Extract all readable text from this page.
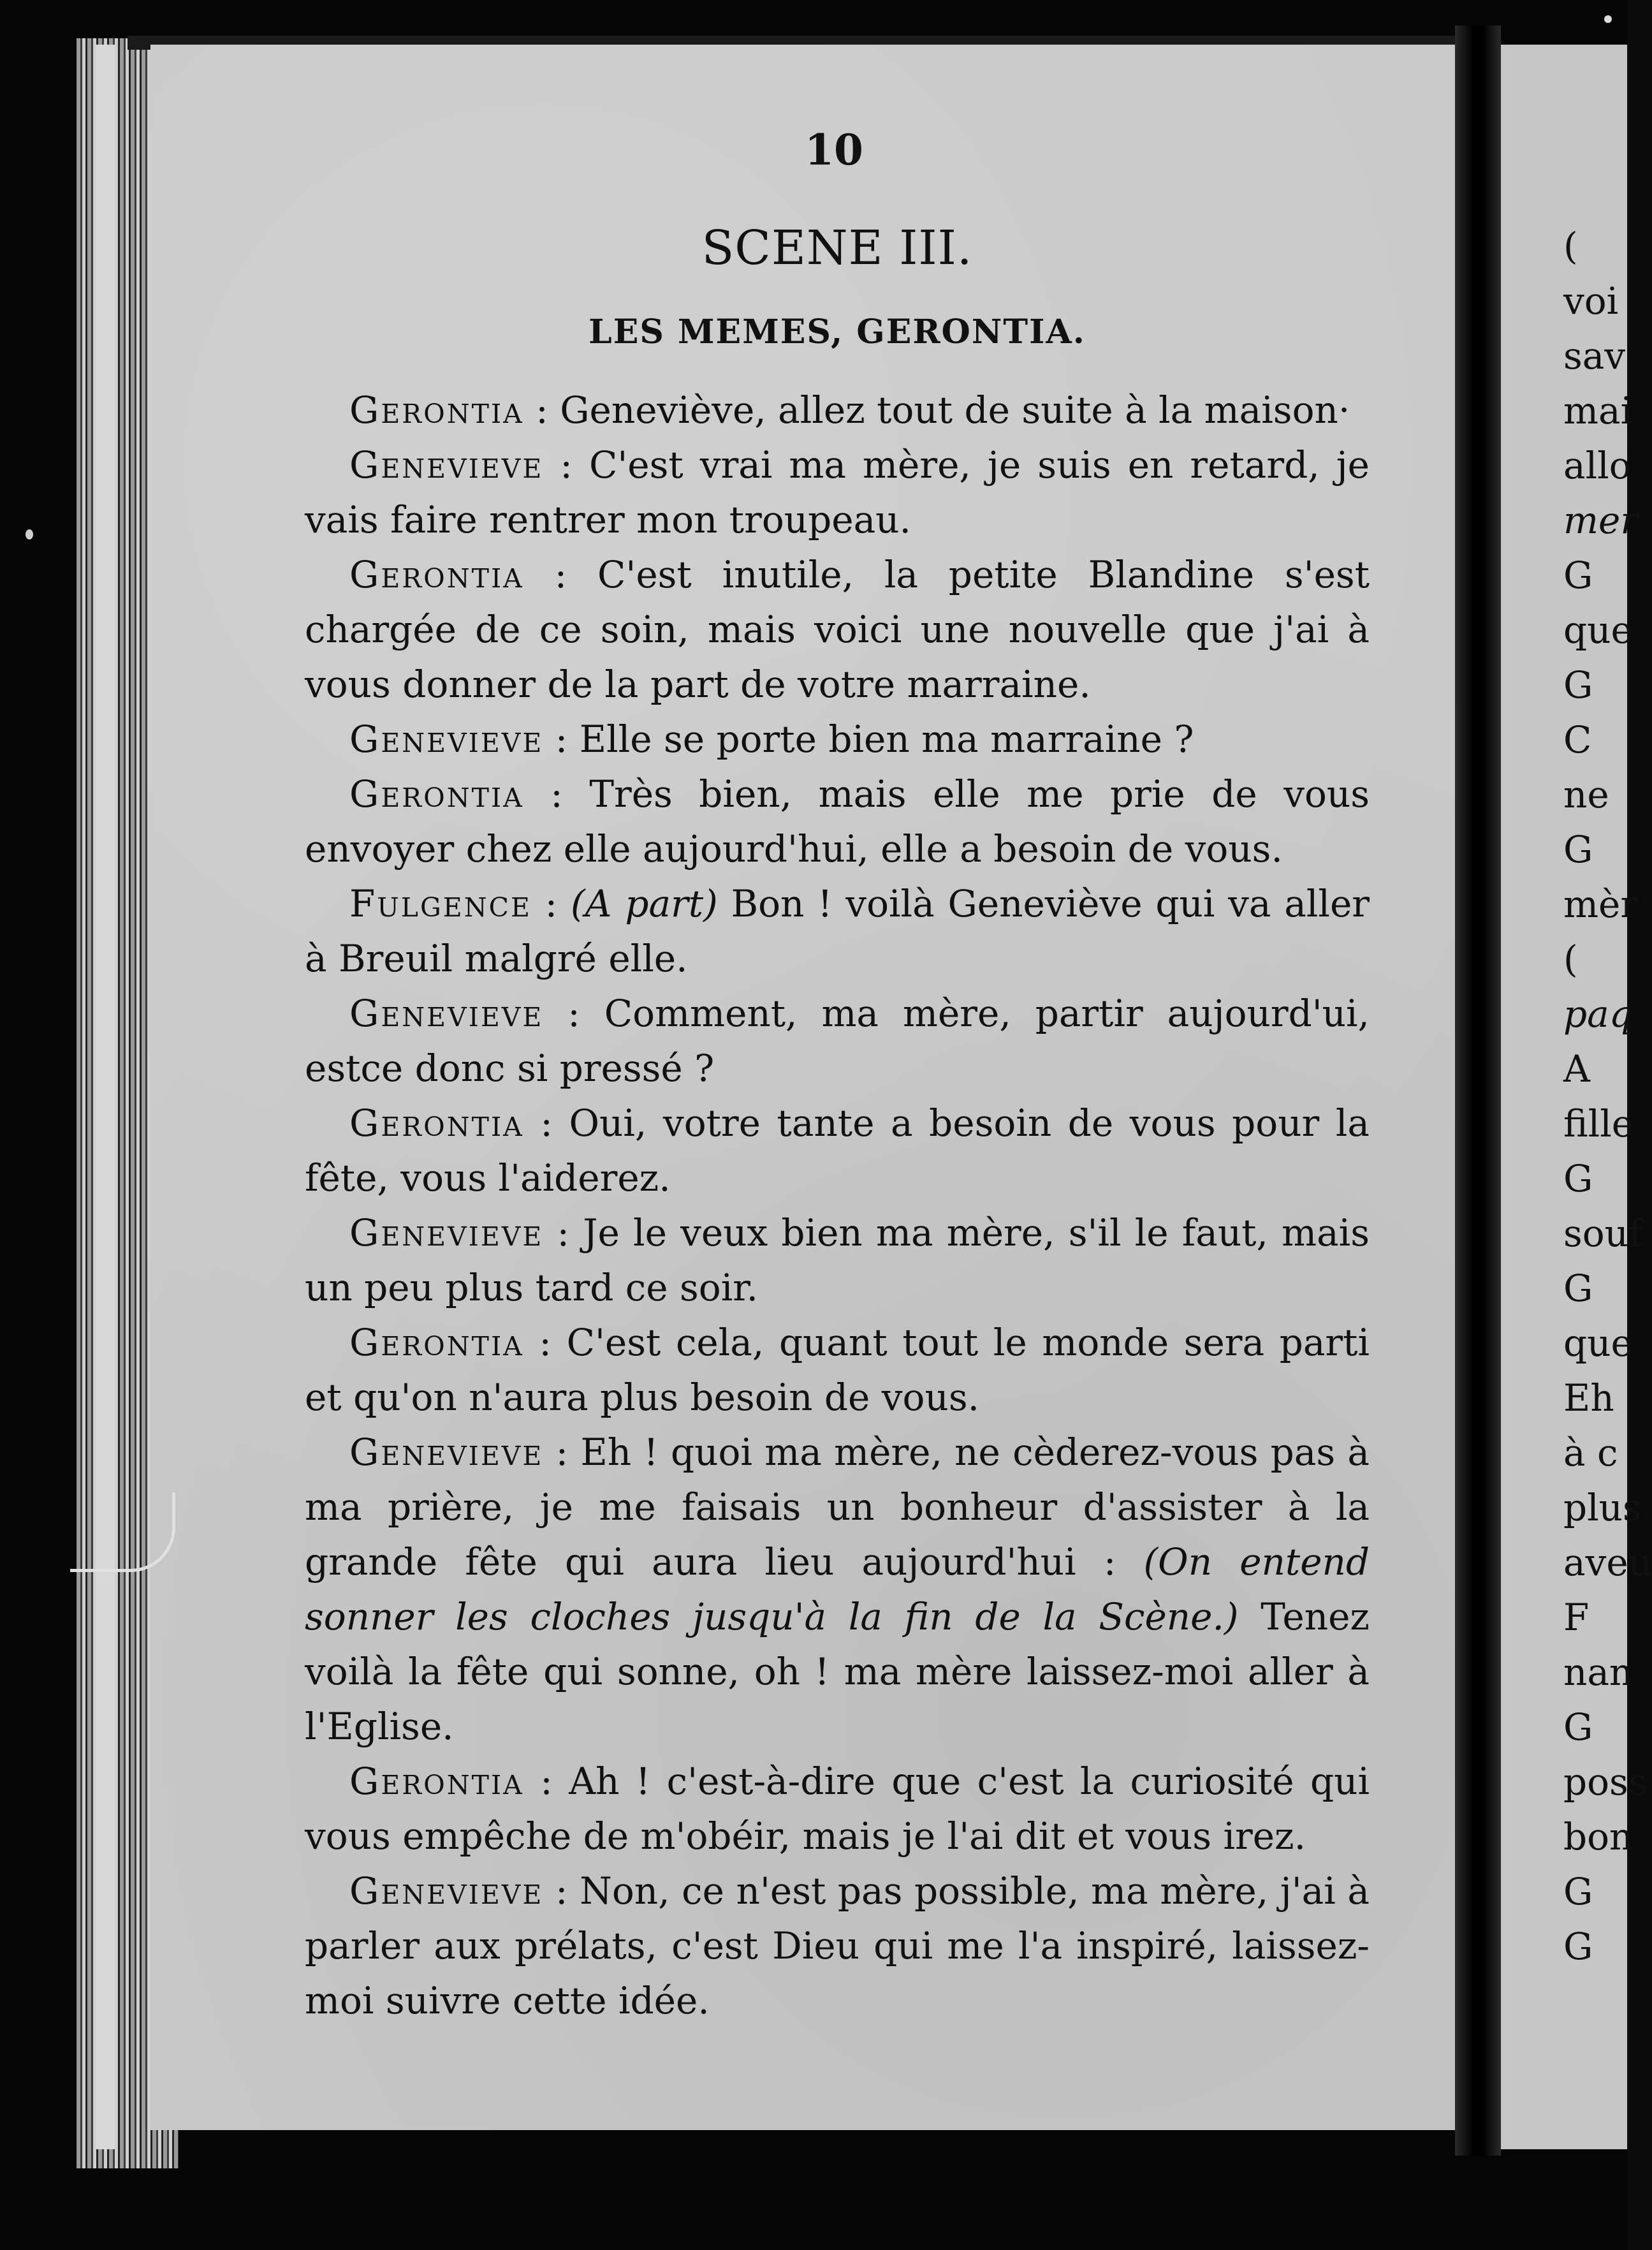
10
SCENE III.
LES MEMES, GERONTIA.

Gerontia : Geneviève, allez tout de suite à la maison·

Genevieve : C'est vrai ma mère, je suis en retard, je vais faire rentrer mon troupeau.

Gerontia : C'est inutile, la petite Blandine s'est chargée de ce soin, mais voici une nouvelle que j'ai à vous donner de la part de votre marraine.

Genevieve : Elle se porte bien ma marraine ?

Gerontia : Très bien, mais elle me prie de vous envoyer chez elle aujourd'hui, elle a besoin de vous.

Fulgence : (A part) Bon ! voilà Geneviève qui va aller à Breuil malgré elle.

Genevieve : Comment, ma mère, partir aujourd'ui, estce donc si pressé ?

Gerontia : Oui, votre tante a besoin de vous pour la fête, vous l'aiderez.

Genevieve : Je le veux bien ma mère, s'il le faut, mais un peu plus tard ce soir.

Gerontia : C'est cela, quant tout le monde sera parti et qu'on n'aura plus besoin de vous.

Genevieve : Eh ! quoi ma mère, ne cèderez-vous pas à ma prière, je me faisais un bonheur d'assister à la grande fête qui aura lieu aujourd'hui : (On entend sonner les cloches jusqu'à la fin de la Scène.) Tenez voilà la fête qui sonne, oh ! ma mère laissez-moi aller à l'Eglise.

Gerontia : Ah ! c'est-à-dire que c'est la curiosité qui vous empêche de m'obéir, mais je l'ai dit et vous irez.

Genevieve : Non, ce n'est pas possible, ma mère, j'ai à parler aux prélats, c'est Dieu qui me l'a inspiré, laissez-moi suivre cette idée.

(
voi
sav
mai
allo
mer
G
que
G
C
ne
G
mèr
(
paq
A
fille
G
souf
G
que
Eh
à c
plus
aveu
F
nan
G
poss
bon
G
G
